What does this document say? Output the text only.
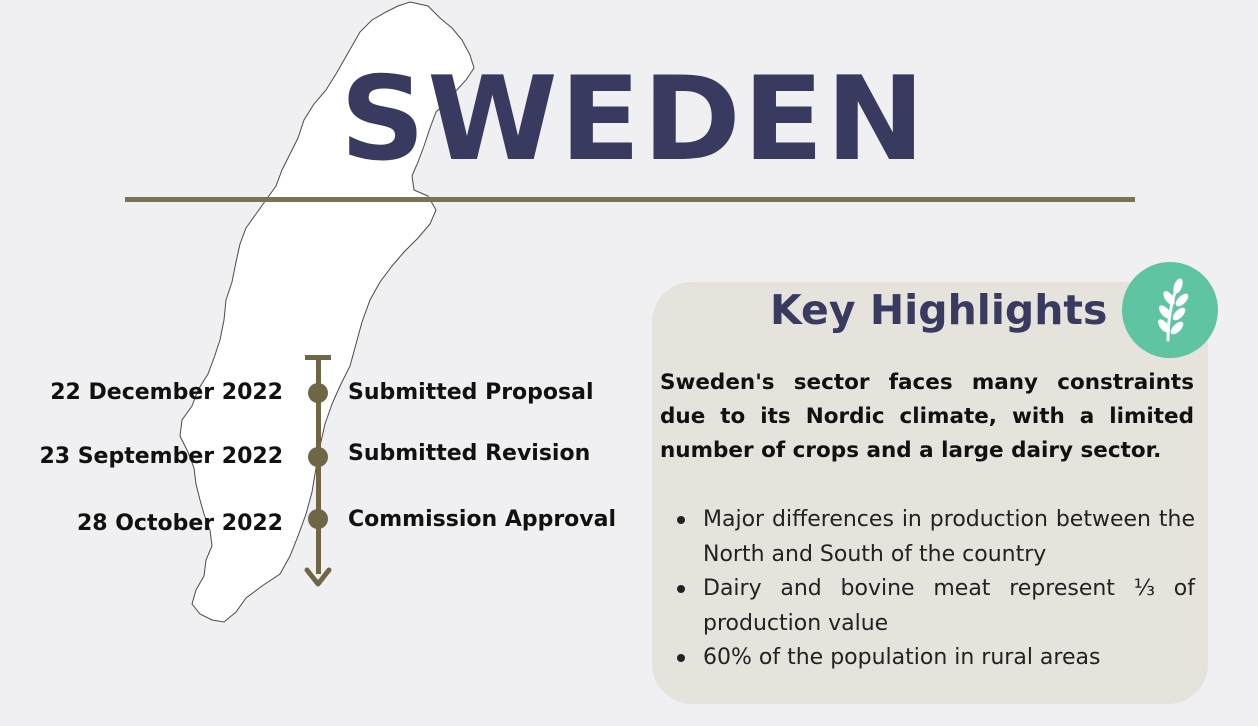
SWEDEN
22 December 2022
23 September 2022
28 October 2022
Submitted Proposal
Submitted Revision
Commission Approval
Key Highlights
Sweden's sector faces many constraints due to its Nordic climate, with a limited number of crops and a large dairy sector.
Major differences in production between the North and South of the country
Dairy and bovine meat represent ⅓ of production value
60% of the population in rural areas
